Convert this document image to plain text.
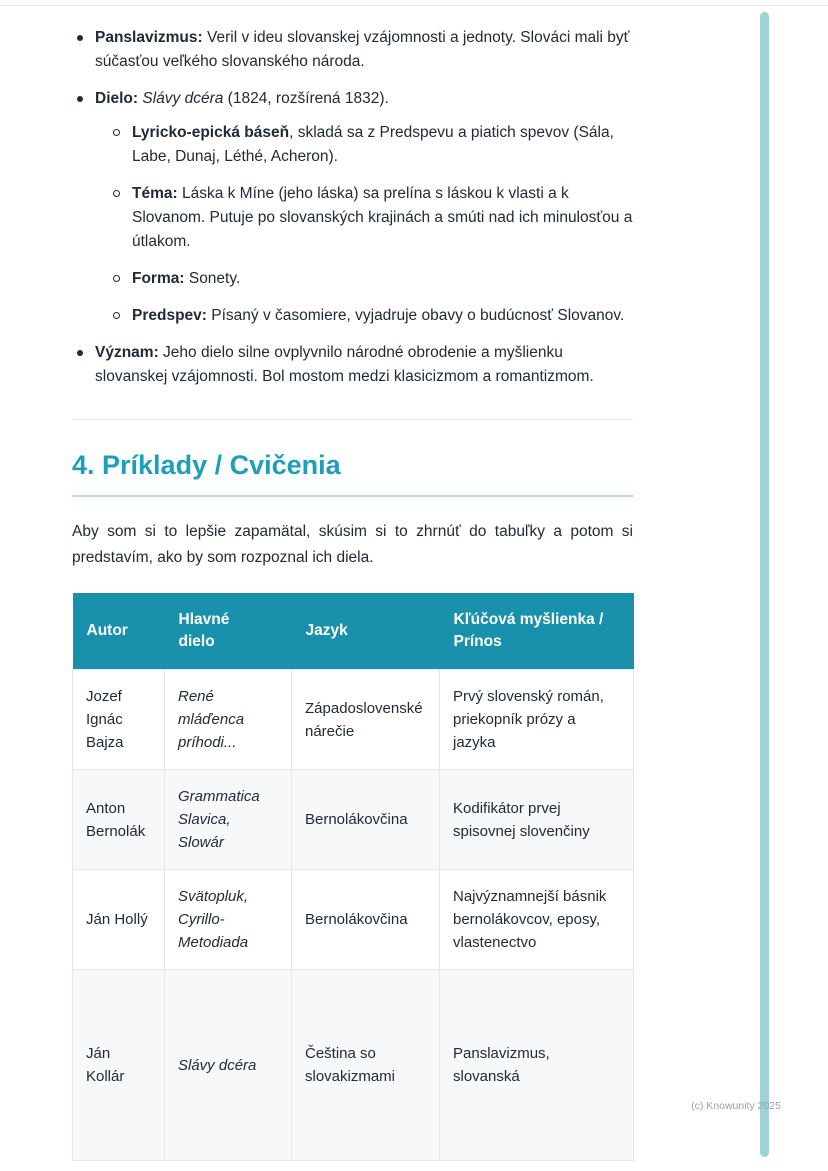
Panslavizmus: Veril v ideu slovanskej vzájomnosti a jednoty. Slováci mali byť súčasťou veľkého slovanského národa.
Dielo: Slávy dcéra (1824, rozšírená 1832).
Lyricko-epická báseň, skladá sa z Predspevu a piatich spevov (Sála, Labe, Dunaj, Léthé, Acheron).
Téma: Láska k Míne (jeho láska) sa prelína s láskou k vlasti a k Slovanom. Putuje po slovanských krajinách a smúti nad ich minulosťou a útlakom.
Forma: Sonety.
Predspev: Písaný v časomiere, vyjadruje obavy o budúcnosť Slovanov.
Význam: Jeho dielo silne ovplyvnilo národné obrodenie a myšlienku slovanskej vzájomnosti. Bol mostom medzi klasicizmom a romantizmom.
4. Príklady / Cvičenia

Aby som si to lepšie zapamätal, skúsim si to zhrnúť do tabuľky a potom si predstavím, ako by som rozpoznal ich diela.

Autor	Hlavné dielo	Jazyk	Kľúčová myšlienka / Prínos
Jozef Ignác Bajza	René mláďenca príhodi...	Západoslovenské nárečie	Prvý slovenský román, priekopník prózy a jazyka
Anton Bernolák	Grammatica Slavica, Slowár	Bernolákovčina	Kodifikátor prvej spisovnej slovenčiny
Ján Hollý	Svätopluk, Cyrillo-Metodiada	Bernolákovčina	Najvýznamnejší básnik bernolákovcov, eposy, vlastenectvo
Ján Kollár	Slávy dcéra	Čeština so slovakizmami	Panslavizmus, slovanská
(c) Knowunity 2025
